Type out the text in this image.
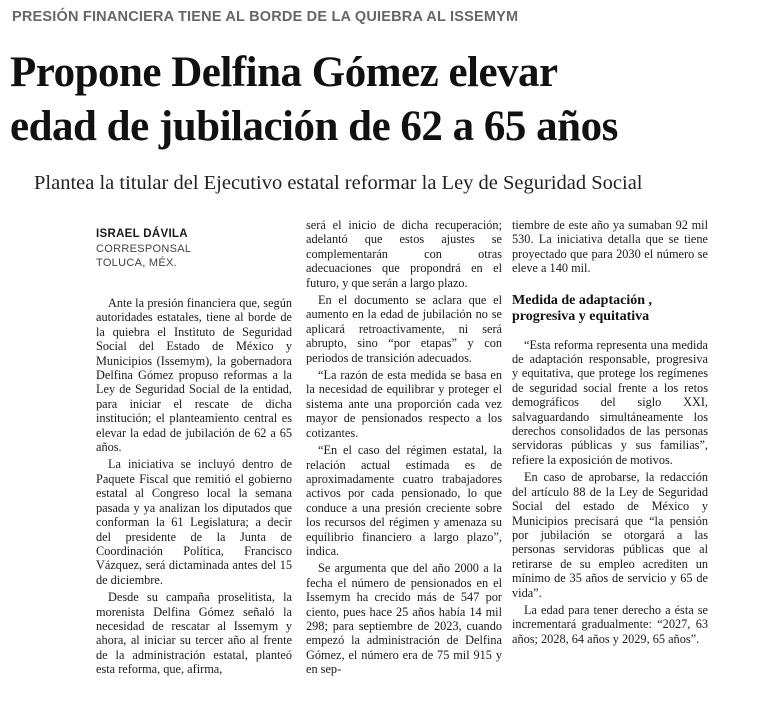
PRESIÓN FINANCIERA TIENE AL BORDE DE LA QUIEBRA AL ISSEMYM
Propone Delfina Gómez elevar
edad de jubilación de 62 a 65 años
Plantea la titular del Ejecutivo estatal reformar la Ley de Seguridad Social
ISRAEL DÁVILA
CORRESPONSAL
TOLUCA, MÉX.

Ante la presión financiera que, según autoridades estatales, tiene al borde de la quiebra el Instituto de Seguridad Social del Estado de México y Municipios (Issemym), la gobernadora Delfina Gómez propuso reformas a la Ley de Seguridad Social de la entidad, para iniciar el rescate de dicha institución; el planteamiento central es elevar la edad de jubilación de 62 a 65 años.

La iniciativa se incluyó dentro de Paquete Fiscal que remitió el gobierno estatal al Congreso local la semana pasada y ya analizan los diputados que conforman la 61 Legislatura; a decir del presidente de la Junta de Coordinación Política, Francisco Vázquez, será dictaminada antes del 15 de diciembre.

Desde su campaña proselitista, la morenista Delfina Gómez señaló la necesidad de rescatar al Issemym y ahora, al iniciar su tercer año al frente de la administración estatal, planteó esta reforma, que, afirma,

será el inicio de dicha recuperación; adelantó que estos ajustes se complementarán con otras adecuaciones que propondrá en el futuro, y que serán a largo plazo.

En el documento se aclara que el aumento en la edad de jubilación no se aplicará retroactivamente, ni será abrupto, sino “por etapas” y con periodos de transición adecuados.

“La razón de esta medida se basa en la necesidad de equilibrar y proteger el sistema ante una proporción cada vez mayor de pensionados respecto a los cotizantes.

“En el caso del régimen estatal, la relación actual estimada es de aproximadamente cuatro trabajadores activos por cada pensionado, lo que conduce a una presión creciente sobre los recursos del régimen y amenaza su equilibrio financiero a largo plazo”, indica.

Se argumenta que del año 2000 a la fecha el número de pensionados en el Issemym ha crecido más de 547 por ciento, pues hace 25 años había 14 mil 298; para septiembre de 2023, cuando empezó la administración de Delfina Gómez, el número era de 75 mil 915 y en sep-

tiembre de este año ya sumaban 92 mil 530. La iniciativa detalla que se tiene proyectado que para 2030 el número se eleve a 140 mil.

Medida de adaptación , progresiva y equitativa

“Esta reforma representa una medida de adaptación responsable, progresiva y equitativa, que protege los regímenes de seguridad social frente a los retos demográficos del siglo XXI, salvaguardando simultáneamente los derechos consolidados de las personas servidoras públicas y sus familias”, refiere la exposición de motivos.

En caso de aprobarse, la redacción del artículo 88 de la Ley de Seguridad Social del estado de México y Municipios precisará que “la pensión por jubilación se otorgará a las personas servidoras públicas que al retirarse de su empleo acrediten un mínimo de 35 años de servicio y 65 de vida”.

La edad para tener derecho a ésta se incrementará gradualmente: “2027, 63 años; 2028, 64 años y 2029, 65 años”.
